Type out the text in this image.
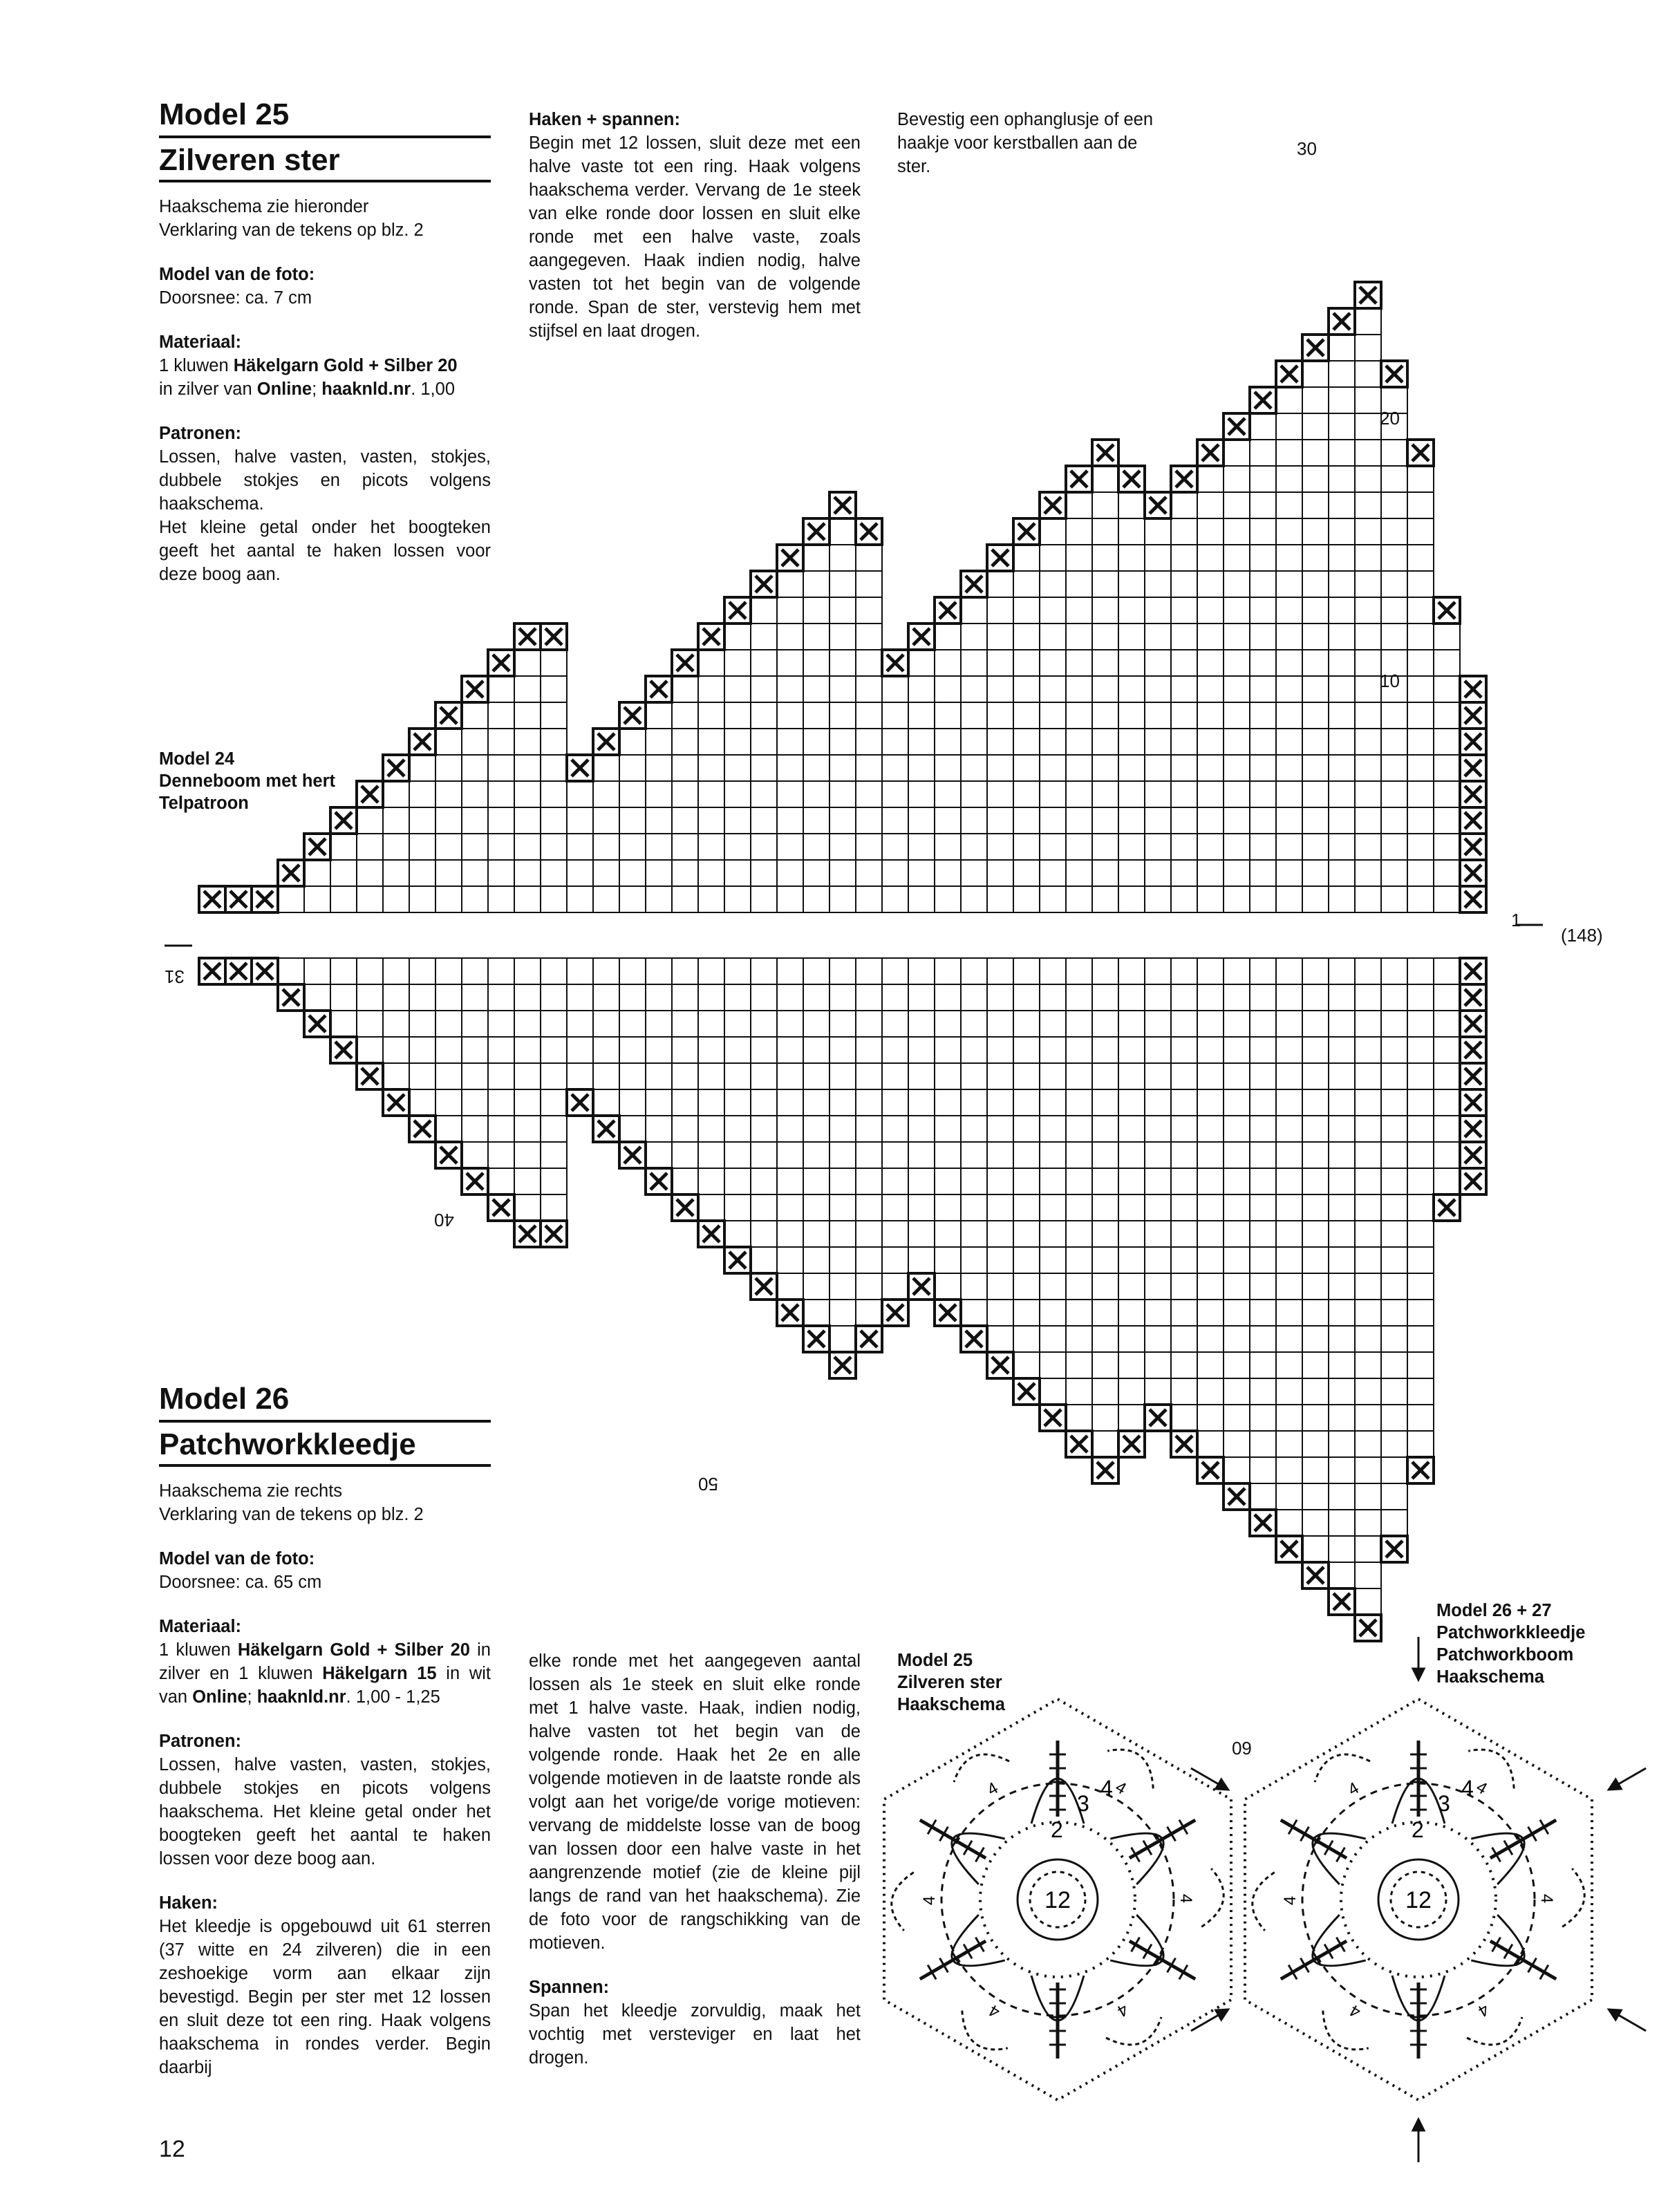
Model 25
Zilveren ster

Haakschema zie hieronder

Verklaring van de tekens op blz. 2

Model van de foto:

Doorsnee: ca. 7 cm

Materiaal:

1 kluwen Häkelgarn Gold + Silber 20
in zilver van Online; haaknld.nr. 1,00

Patronen:

Lossen, halve vasten, vasten, stokjes, dubbele stokjes en picots volgens haakschema.

Het kleine getal onder het boogteken geeft het aantal te haken lossen voor deze boog aan.

Haken + spannen:

Begin met 12 lossen, sluit deze met een halve vaste tot een ring. Haak volgens haakschema verder. Vervang de 1e steek van elke ronde door lossen en sluit elke ronde met een halve vaste, zoals aangegeven. Haak indien nodig, halve vasten tot het begin van de volgende ronde. Span de ster, verstevig hem met stijfsel en laat drogen.

Bevestig een ophanglusje of een haakje voor kerstballen aan de ster.

Model 24
Denneboom met hert
Telpatroon
30
20
10
1
(148)
31
40
50
60
Model 26
Patchworkkleedje

Haakschema zie rechts

Verklaring van de tekens op blz. 2

Model van de foto:

Doorsnee: ca. 65 cm

Materiaal:

1 kluwen Häkelgarn Gold + Silber 20 in zilver en 1 kluwen Häkelgarn 15 in wit van Online; haaknld.nr. 1,00 - 1,25

Patronen:

Lossen, halve vasten, vasten, stokjes, dubbele stokjes en picots volgens haakschema. Het kleine getal onder het boogteken geeft het aantal te haken lossen voor deze boog aan.

Haken:

Het kleedje is opgebouwd uit 61 sterren (37 witte en 24 zilveren) die in een zeshoekige vorm aan elkaar zijn bevestigd. Begin per ster met 12 lossen en sluit deze tot een ring. Haak volgens haakschema in rondes verder. Begin daarbij

elke ronde met het aangegeven aantal lossen als 1e steek en sluit elke ronde met 1 halve vaste. Haak, indien nodig, halve vasten tot het begin van de volgende ronde. Haak het 2e en alle volgende motieven in de laatste ronde als volgt aan het vorige/de vorige motieven: vervang de middelste losse van de boog van lossen door een halve vaste in het aangrenzende motief (zie de kleine pijl langs de rand van het haakschema). Zie de foto voor de rangschikking van de motieven.

Spannen:

Span het kleedje zorvuldig, maak het vochtig met versteviger en laat het drogen.

Model 25
Zilveren ster
Haakschema
Model 26 + 27
Patchworkkleedje
Patchworkboom
Haakschema
4	4
4
4
4
4	12
2
3
4	4	4
4
4
4
4	12
2
3
4
12
